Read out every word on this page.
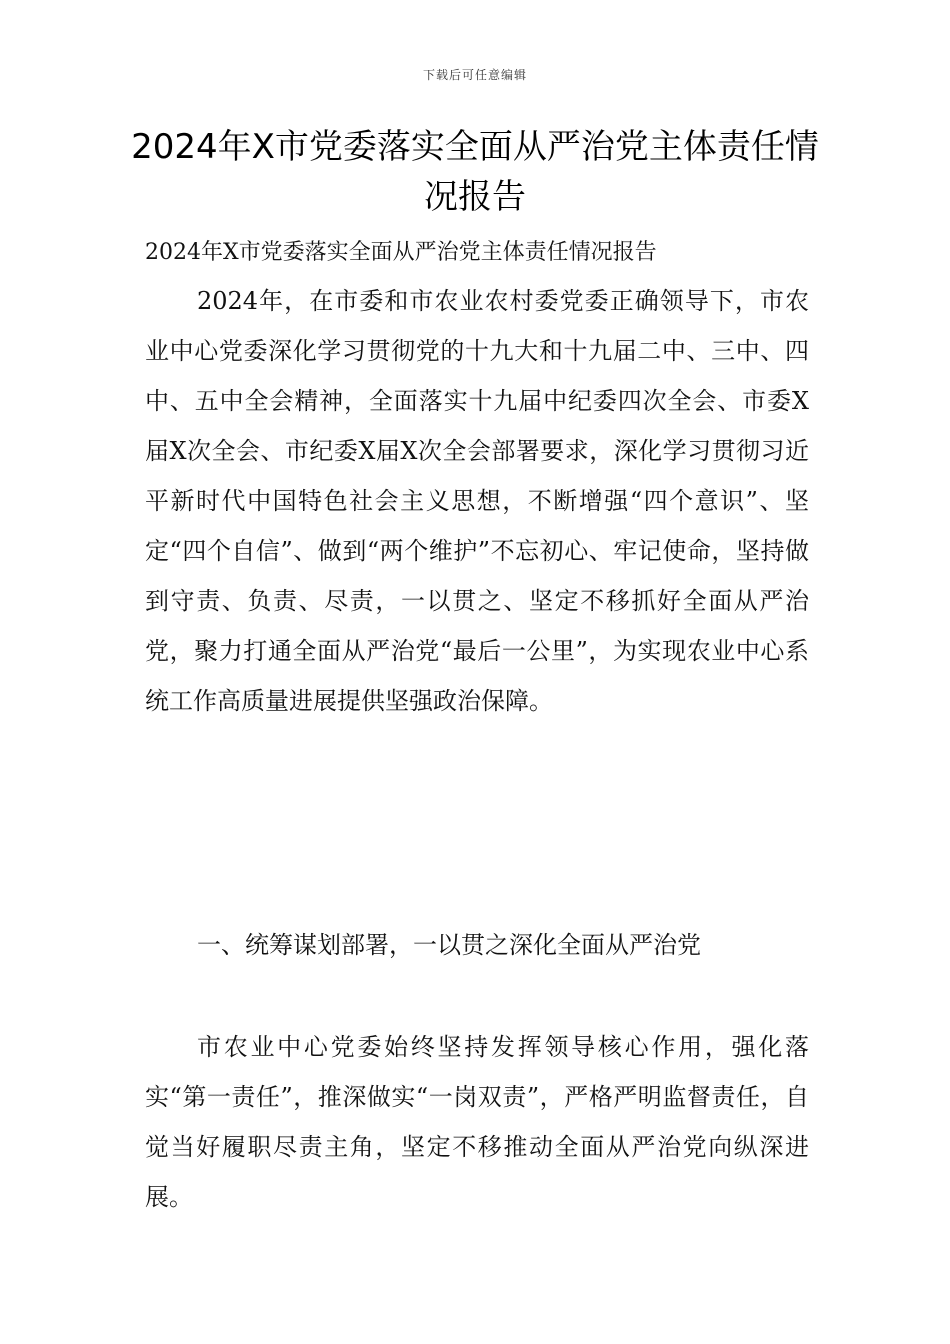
下载后可任意编辑
2024年X市党委落实全面从严治党主体责任情况报告

2024年X市党委落实全面从严治党主体责任情况报告

2024年，在市委和市农业农村委党委正确领导下，市农业中心党委深化学习贯彻党的十九大和十九届二中、三中、四中、五中全会精神，全面落实十九届中纪委四次全会、市委X届X次全会、市纪委X届X次全会部署要求，深化学习贯彻习近平新时代中国特色社会主义思想，不断增强“四个意识”、坚定“四个自信”、做到“两个维护”不忘初心、牢记使命，坚持做到守责、负责、尽责，一以贯之、坚定不移抓好全面从严治党，聚力打通全面从严治党“最后一公里”，为实现农业中心系统工作高质量进展提供坚强政治保障。

一、统筹谋划部署，一以贯之深化全面从严治党

市农业中心党委始终坚持发挥领导核心作用，强化落实“第一责任”，推深做实“一岗双责”，严格严明监督责任，自觉当好履职尽责主角，坚定不移推动全面从严治党向纵深进展。
